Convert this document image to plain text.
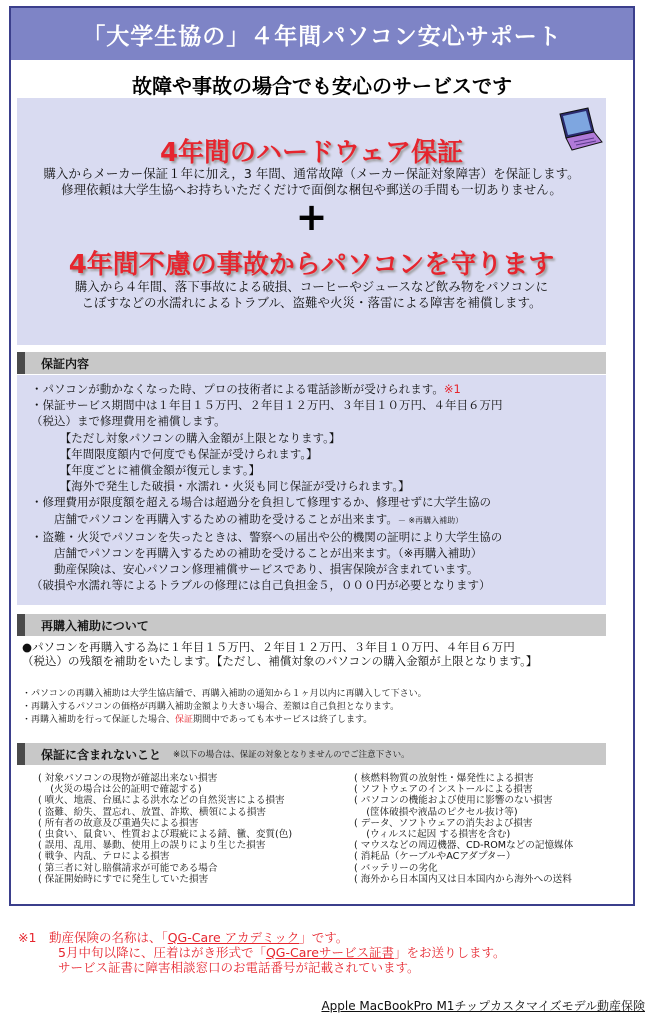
「大学生協の」４年間パソコン安心サポート
故障や事故の場合でも安心のサービスです
4年間のハードウェア保証
購入からメーカー保証１年に加え，3 年間、通常故障（メーカー保証対象障害）を保証します。
修理依頼は大学生協へお持ちいただくだけで面倒な梱包や郵送の手間も一切ありません。
+
4年間不慮の事故からパソコンを守ります
購入から４年間、落下事故による破損、コーヒーやジュースなど飲み物をパソコンに
こぼすなどの水濡れによるトラブル、盗難や火災・落雷による障害を補償します。
保証内容
・パソコンが動かなくなった時、プロの技術者による電話診断が受けられます。※1
・保証サービス期間中は１年目１５万円、２年目１２万円、３年目１０万円、４年目６万円
（税込）まで修理費用を補償します。
　　　【ただし対象パソコンの購入金額が上限となります。】
　　　【年間限度額内で何度でも保証が受けられます。】
　　　【年度ごとに補償金額が復元します。】
　　　【海外で発生した破損・水濡れ・火災も同じ保証が受けられます。】
・修理費用が限度額を超える場合は超過分を負担して修理するか、修理せずに大学生協の
　　店舗でパソコンを再購入するための補助を受けることが出来ます。－ ※再購入補助）
・盗難・火災でパソコンを失ったときは、警察への届出や公的機関の証明により大学生協の
　　店舗でパソコンを再購入するための補助を受けることが出来ます。（※再購入補助）
　　動産保険は、安心パソコン修理補償サービスであり、損害保険が含まれています。
（破損や水濡れ等によるトラブルの修理には自己負担金５，０００円が必要となります）
再購入補助について
●パソコンを再購入する為に１年目１５万円、２年目１２万円、３年目１０万円、４年目６万円
（税込）の残額を補助をいたします。【ただし、補償対象のパソコンの購入金額が上限となります。】
・パソコンの再購入補助は大学生協店舗で、再購入補助の通知から１ヶ月以内に再購入して下さい。
・再購入するパソコンの価格が再購入補助金額より大きい場合、差額は自己負担となります。
・再購入補助を行って保証した場合、保証期間中であっても本サービスは終了します。
保証に含まれないこと ※以下の場合は、保証の対象となりませんのでご注意下さい。
( 対象パソコンの現物が確認出来ない損害
(火災の場合は公的証明で確認する)
( 噴火、地震、台風による洪水などの自然災害による損害
( 盗難、紛失、置忘れ、放置、詐欺、横領による損害
( 所有者の故意及び重過失による損害
( 虫食い、鼠食い、性質および瑕疵による錆、黴、変質(色)
( 誤用、乱用、暴動、使用上の誤りにより生じた損害
( 戦争、内乱、テロによる損害
( 第三者に対し賠償請求が可能である場合
( 保証開始時にすでに発生していた損害
( 核燃料物質の放射性・爆発性による損害
( ソフトウェアのインストールによる損害
( パソコンの機能および使用に影響のない損害
(筐体破損や液晶のピクセル抜け等)
( データ、ソフトウェアの消失および損害
(ウィルスに起因 する損害を含む)
( マウスなどの周辺機器、CD-ROMなどの記憶媒体
( 消耗品（ケーブルやACアダプター）
( バッテリーの劣化
( 海外から日本国内又は日本国内から海外への送料
※1　 動産保険の名称は、「QG-Care アカデミック」です。
5月中旬以降に、圧着はがき形式で「QG-Careサービス証書」をお送りします。
サービス証書に障害相談窓口のお電話番号が記載されています。
Apple MacBookPro M1チップカスタマイズモデル動産保険
